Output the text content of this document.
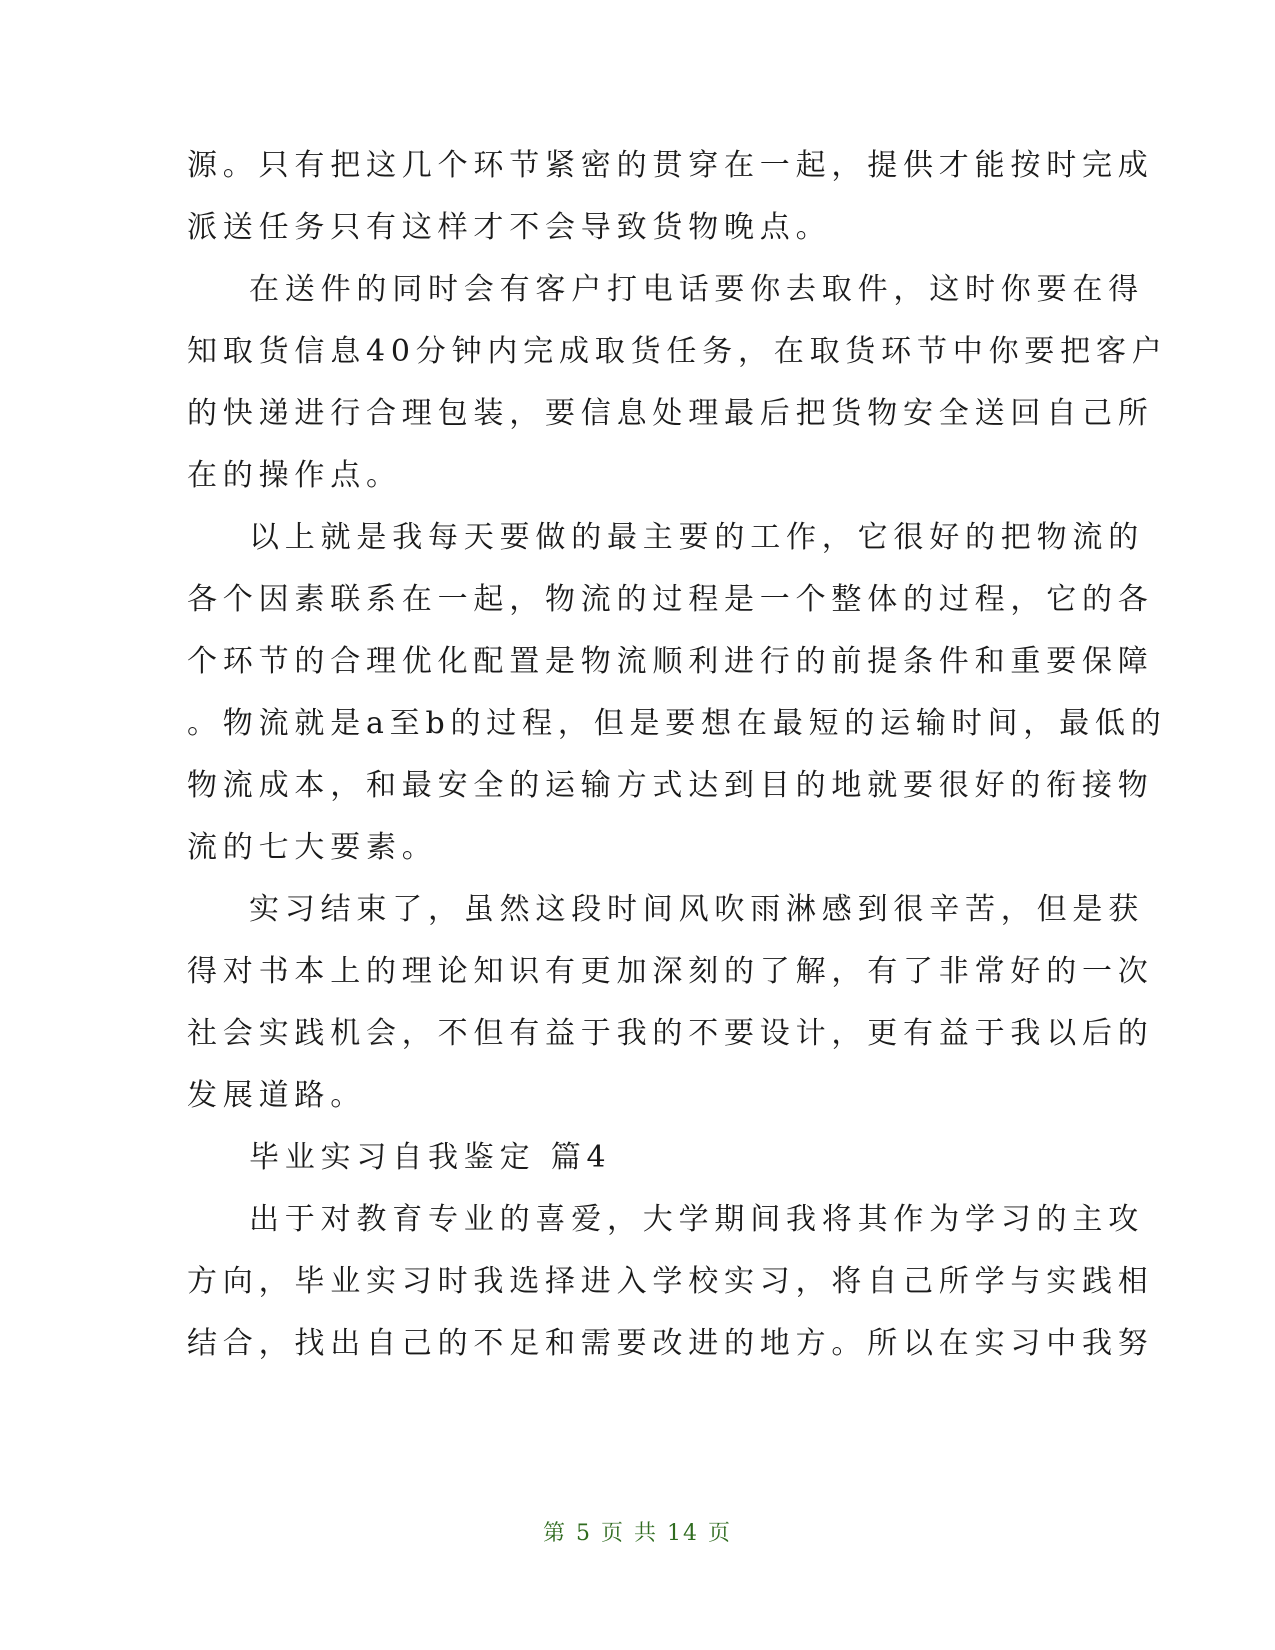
源。只有把这几个环节紧密的贯穿在一起，提供才能按时完成
派送任务只有这样才不会导致货物晚点。
在送件的同时会有客户打电话要你去取件，这时你要在得
知取货信息40分钟内完成取货任务，在取货环节中你要把客户
的快递进行合理包装，要信息处理最后把货物安全送回自己所
在的操作点。
以上就是我每天要做的最主要的工作，它很好的把物流的
各个因素联系在一起，物流的过程是一个整体的过程，它的各
个环节的合理优化配置是物流顺利进行的前提条件和重要保障
。物流就是a至b的过程，但是要想在最短的运输时间，最低的
物流成本，和最安全的运输方式达到目的地就要很好的衔接物
流的七大要素。
实习结束了，虽然这段时间风吹雨淋感到很辛苦，但是获
得对书本上的理论知识有更加深刻的了解，有了非常好的一次
社会实践机会，不但有益于我的不要设计，更有益于我以后的
发展道路。
毕业实习自我鉴定 篇4
出于对教育专业的喜爱，大学期间我将其作为学习的主攻
方向，毕业实习时我选择进入学校实习，将自己所学与实践相
结合，找出自己的不足和需要改进的地方。所以在实习中我努
第 5 页 共 14 页
